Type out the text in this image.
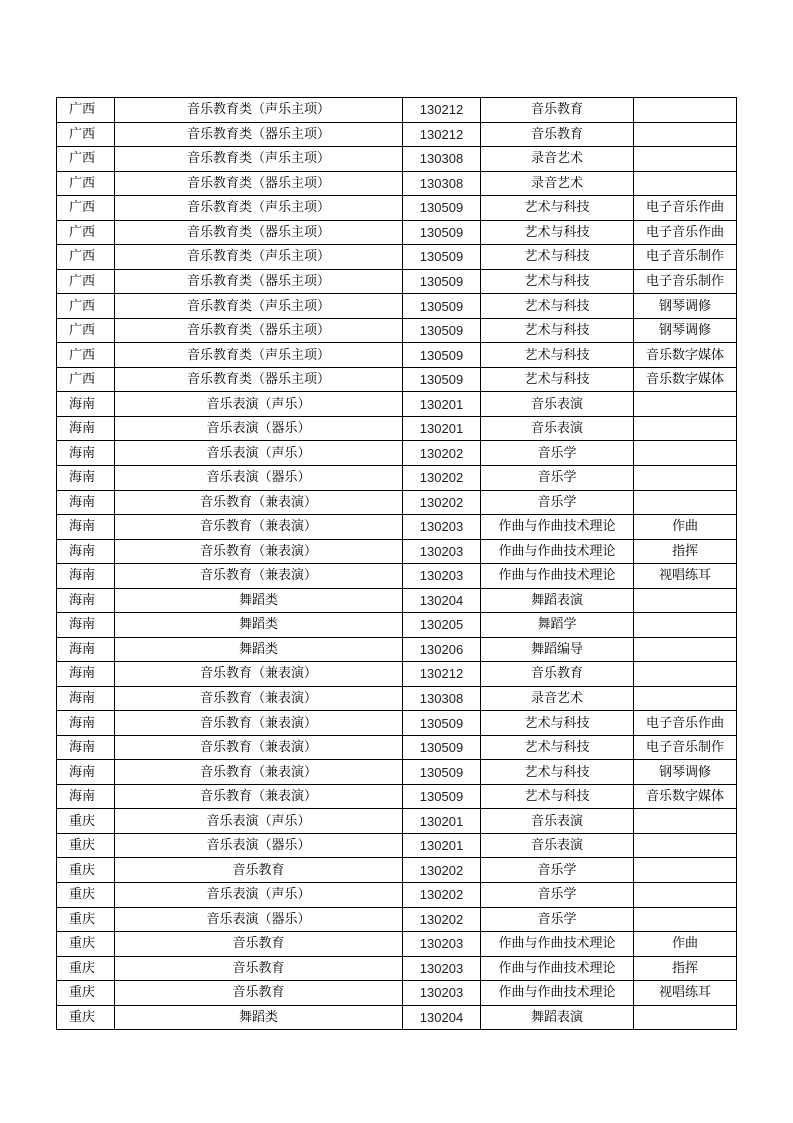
广西	音乐教育类（声乐主项）	130212	音乐教育	
广西	音乐教育类（器乐主项）	130212	音乐教育	
广西	音乐教育类（声乐主项）	130308	录音艺术	
广西	音乐教育类（器乐主项）	130308	录音艺术	
广西	音乐教育类（声乐主项）	130509	艺术与科技	电子音乐作曲
广西	音乐教育类（器乐主项）	130509	艺术与科技	电子音乐作曲
广西	音乐教育类（声乐主项）	130509	艺术与科技	电子音乐制作
广西	音乐教育类（器乐主项）	130509	艺术与科技	电子音乐制作
广西	音乐教育类（声乐主项）	130509	艺术与科技	钢琴调修
广西	音乐教育类（器乐主项）	130509	艺术与科技	钢琴调修
广西	音乐教育类（声乐主项）	130509	艺术与科技	音乐数字媒体
广西	音乐教育类（器乐主项）	130509	艺术与科技	音乐数字媒体
海南	音乐表演（声乐）	130201	音乐表演	
海南	音乐表演（器乐）	130201	音乐表演	
海南	音乐表演（声乐）	130202	音乐学	
海南	音乐表演（器乐）	130202	音乐学	
海南	音乐教育（兼表演）	130202	音乐学	
海南	音乐教育（兼表演）	130203	作曲与作曲技术理论	作曲
海南	音乐教育（兼表演）	130203	作曲与作曲技术理论	指挥
海南	音乐教育（兼表演）	130203	作曲与作曲技术理论	视唱练耳
海南	舞蹈类	130204	舞蹈表演	
海南	舞蹈类	130205	舞蹈学	
海南	舞蹈类	130206	舞蹈编导	
海南	音乐教育（兼表演）	130212	音乐教育	
海南	音乐教育（兼表演）	130308	录音艺术	
海南	音乐教育（兼表演）	130509	艺术与科技	电子音乐作曲
海南	音乐教育（兼表演）	130509	艺术与科技	电子音乐制作
海南	音乐教育（兼表演）	130509	艺术与科技	钢琴调修
海南	音乐教育（兼表演）	130509	艺术与科技	音乐数字媒体
重庆	音乐表演（声乐）	130201	音乐表演	
重庆	音乐表演（器乐）	130201	音乐表演	
重庆	音乐教育	130202	音乐学	
重庆	音乐表演（声乐）	130202	音乐学	
重庆	音乐表演（器乐）	130202	音乐学	
重庆	音乐教育	130203	作曲与作曲技术理论	作曲
重庆	音乐教育	130203	作曲与作曲技术理论	指挥
重庆	音乐教育	130203	作曲与作曲技术理论	视唱练耳
重庆	舞蹈类	130204	舞蹈表演	
